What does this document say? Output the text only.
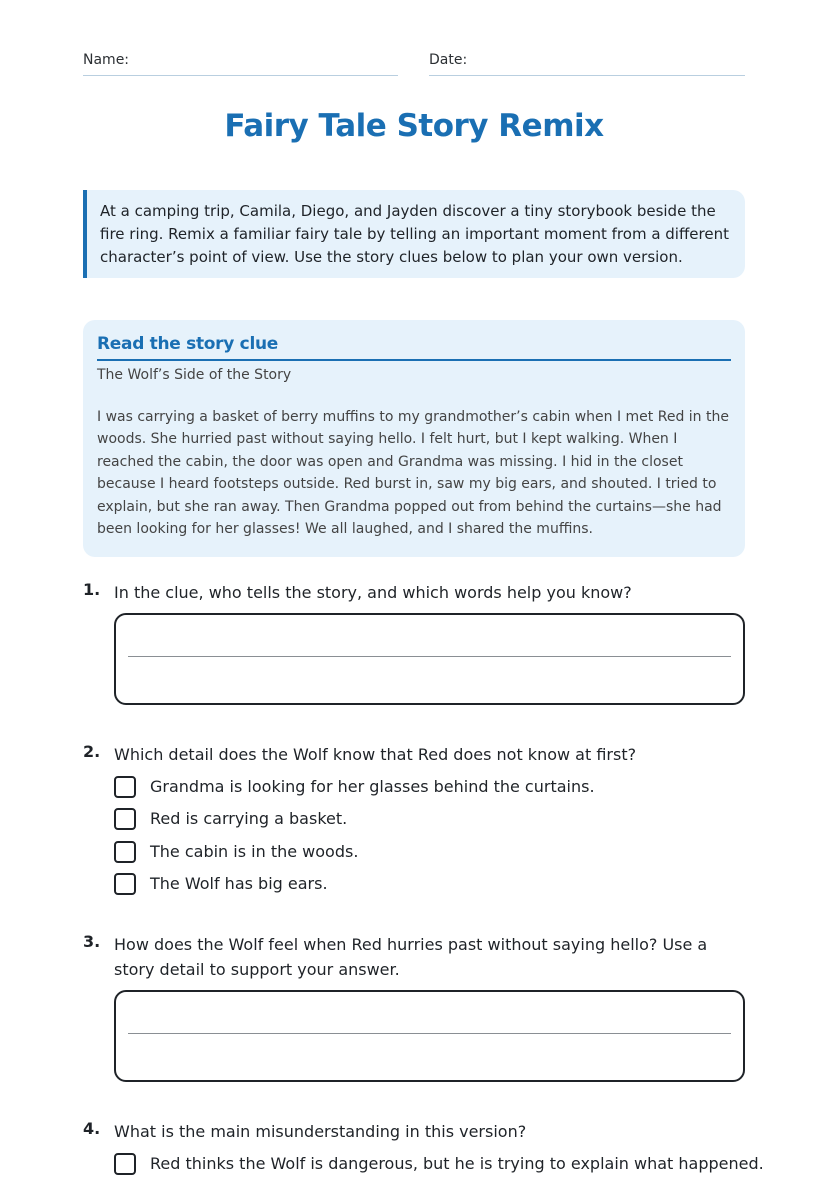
Name:	Date:
Fairy Tale Story Remix
At a camping trip, Camila, Diego, and Jayden discover a tiny storybook beside the fire ring. Remix a familiar fairy tale by telling an important moment from a different character’s point of view. Use the story clues below to plan your own version.
Read the story clue
The Wolf’s Side of the Story
I was carrying a basket of berry muffins to my grandmother’s cabin when I met Red in the woods. She hurried past without saying hello. I felt hurt, but I kept walking. When I reached the cabin, the door was open and Grandma was missing. I hid in the closet because I heard footsteps outside. Red burst in, saw my big ears, and shouted. I tried to explain, but she ran away. Then Grandma popped out from behind the curtains—she had been looking for her glasses! We all laughed, and I shared the muffins.
1. In the clue, who tells the story, and which words help you know?
2. Which detail does the Wolf know that Red does not know at first?
Grandma is looking for her glasses behind the curtains.
Red is carrying a basket.
The cabin is in the woods.
The Wolf has big ears.
3. How does the Wolf feel when Red hurries past without saying hello? Use a story detail to support your answer.
4. What is the main misunderstanding in this version?
Red thinks the Wolf is dangerous, but he is trying to explain what happened.
